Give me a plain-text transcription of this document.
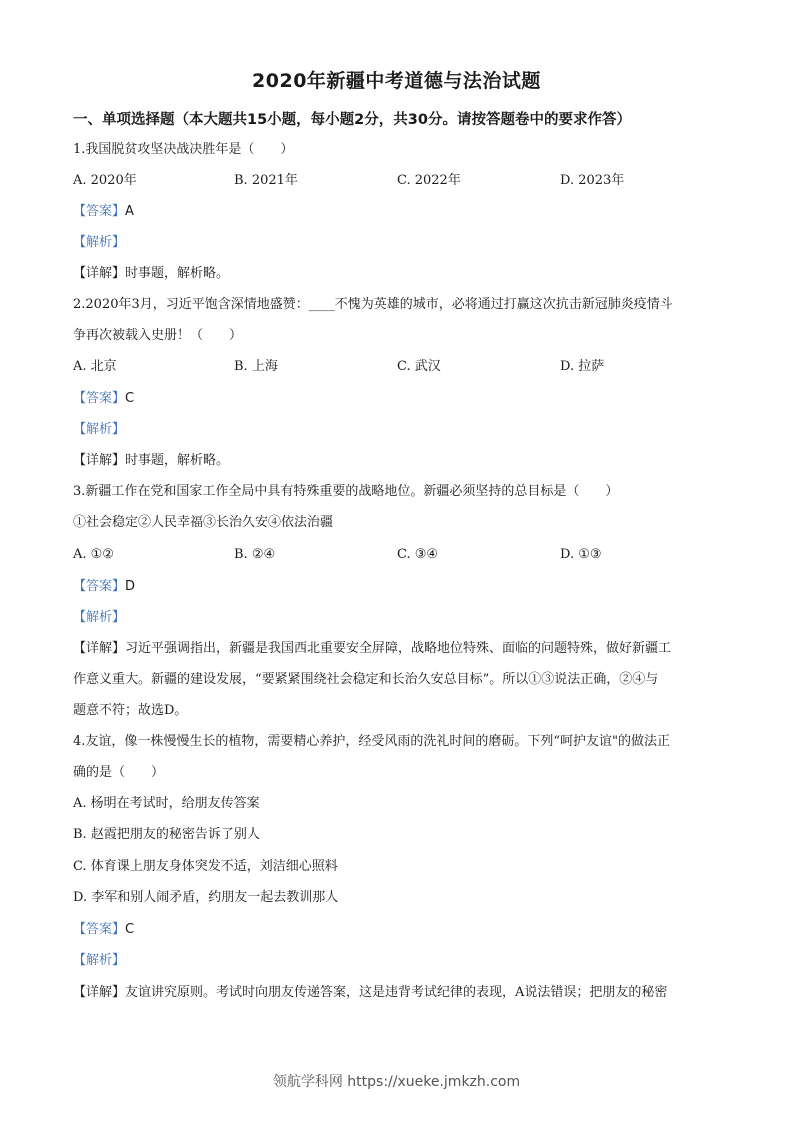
2020年新疆中考道德与法治试题
一、单项选择题（本大题共15小题，每小题2分，共30分。请按答题卷中的要求作答）
1.我国脱贫攻坚决战决胜年是（　　）
A. 2020年	B. 2021年	C. 2022年	D. 2023年
【答案】A
【解析】
【详解】时事题，解析略。
2.2020年3月，习近平饱含深情地盛赞：____不愧为英雄的城市，必将通过打赢这次抗击新冠肺炎疫情斗
争再次被载入史册！（　　）
A. 北京	B. 上海	C. 武汉	D. 拉萨
【答案】C
【解析】
【详解】时事题，解析略。
3.新疆工作在党和国家工作全局中具有特殊重要的战略地位。新疆必须坚持的总目标是（　　）
①社会稳定②人民幸福③长治久安④依法治疆
A. ①②	B. ②④	C. ③④	D. ①③
【答案】D
【解析】
【详解】习近平强调指出，新疆是我国西北重要安全屏障，战略地位特殊、面临的问题特殊，做好新疆工
作意义重大。新疆的建设发展，“要紧紧围绕社会稳定和长治久安总目标”。所以①③说法正确，②④与
题意不符；故选D。
4.友谊，像一株慢慢生长的植物，需要精心养护，经受风雨的洗礼时间的磨砺。下列“呵护友谊"的做法正
确的是（　　）
A. 杨明在考试时，给朋友传答案
B. 赵霞把朋友的秘密告诉了别人
C. 体育课上朋友身体突发不适，刘洁细心照料
D. 李军和别人闹矛盾，约朋友一起去教训那人
【答案】C
【解析】
【详解】友谊讲究原则。考试时向朋友传递答案，这是违背考试纪律的表现，A说法错误；把朋友的秘密
领航学科网 https://xueke.jmkzh.com
